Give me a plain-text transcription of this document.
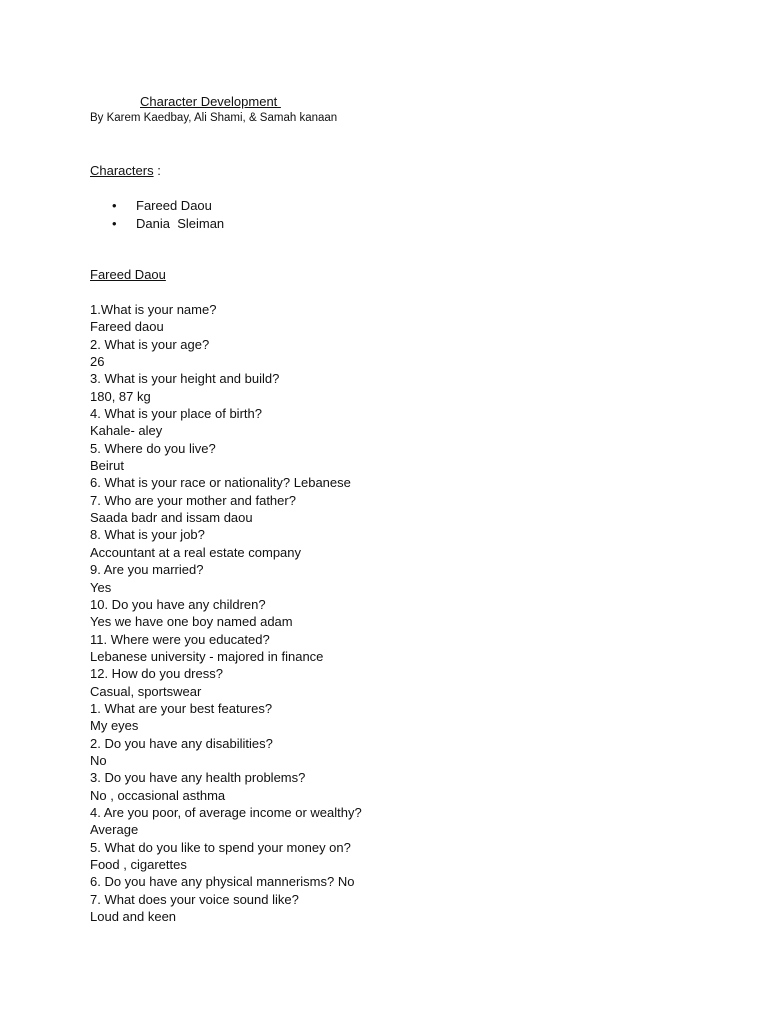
Character Development
By Karem Kaedbay, Ali Shami, & Samah kanaan
Characters :
• Fareed Daou
• Dania  Sleiman
Fareed Daou
1.What is your name?
Fareed daou
2. What is your age?
26
3. What is your height and build?
180, 87 kg
4. What is your place of birth?
Kahale- aley
5. Where do you live?
Beirut
6. What is your race or nationality? Lebanese
7. Who are your mother and father?
Saada badr and issam daou
8. What is your job?
Accountant at a real estate company
9. Are you married?
Yes
10. Do you have any children?
Yes we have one boy named adam
11. Where were you educated?
Lebanese university - majored in finance
12. How do you dress?
Casual, sportswear
1. What are your best features?
My eyes
2. Do you have any disabilities?
No
3. Do you have any health problems?
No , occasional asthma
4. Are you poor, of average income or wealthy?
Average
5. What do you like to spend your money on?
Food , cigarettes
6. Do you have any physical mannerisms? No
7. What does your voice sound like?
Loud and keen
